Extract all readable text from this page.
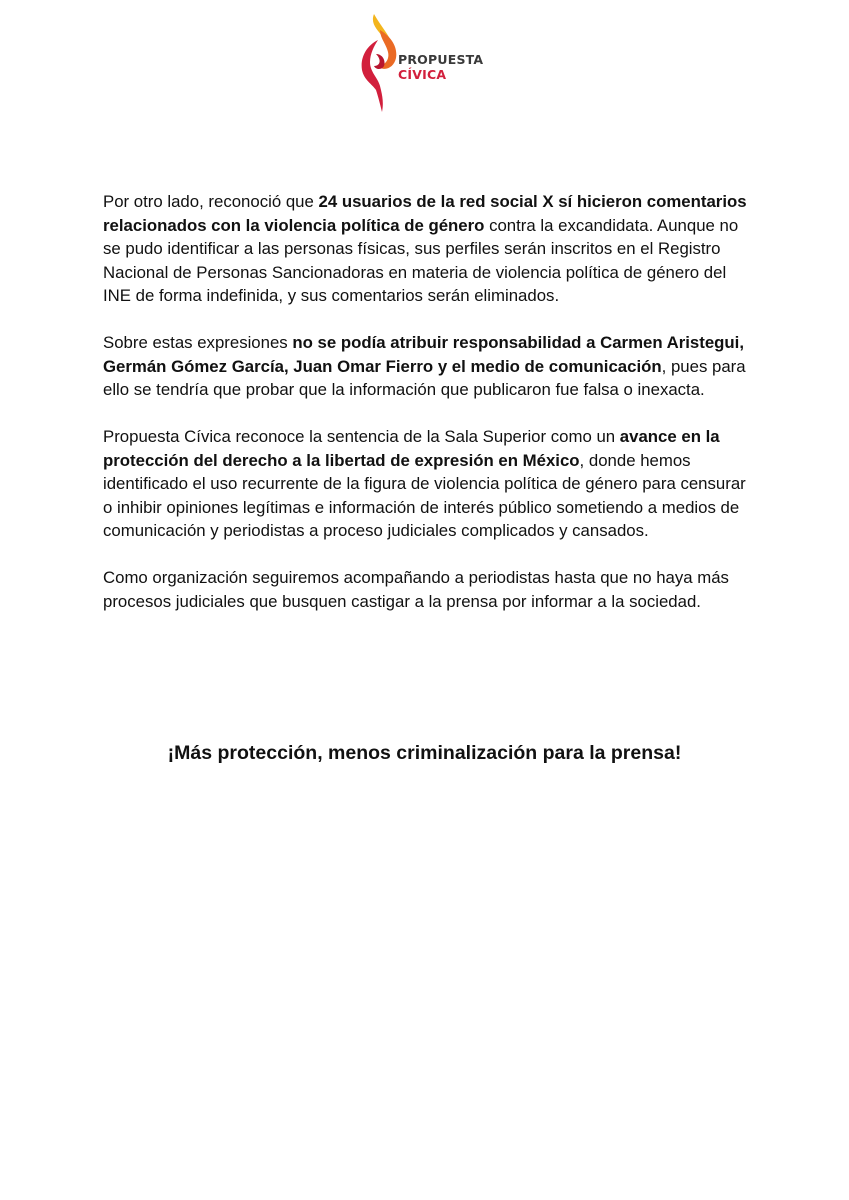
PROPUESTA
CÍVICA

Por otro lado, reconoció que 24 usuarios de la red social X sí hicieron comentarios relacionados con la violencia política de género contra la excandidata. Aunque no se pudo identificar a las personas físicas, sus perfiles serán inscritos en el Registro Nacional de Personas Sancionadoras en materia de violencia política de género del INE de forma indefinida, y sus comentarios serán eliminados.

Sobre estas expresiones no se podía atribuir responsabilidad a Carmen Aristegui, Germán Gómez García, Juan Omar Fierro y el medio de comunicación, pues para ello se tendría que probar que la información que publicaron fue falsa o inexacta.

Propuesta Cívica reconoce la sentencia de la Sala Superior como un avance en la protección del derecho a la libertad de expresión en México, donde hemos identificado el uso recurrente de la figura de violencia política de género para censurar o inhibir opiniones legítimas e información de interés público sometiendo a medios de comunicación y periodistas a proceso judiciales complicados y cansados.

Como organización seguiremos acompañando a periodistas hasta que no haya más procesos judiciales que busquen castigar a la prensa por informar a la sociedad.

¡Más protección, menos criminalización para la prensa!
